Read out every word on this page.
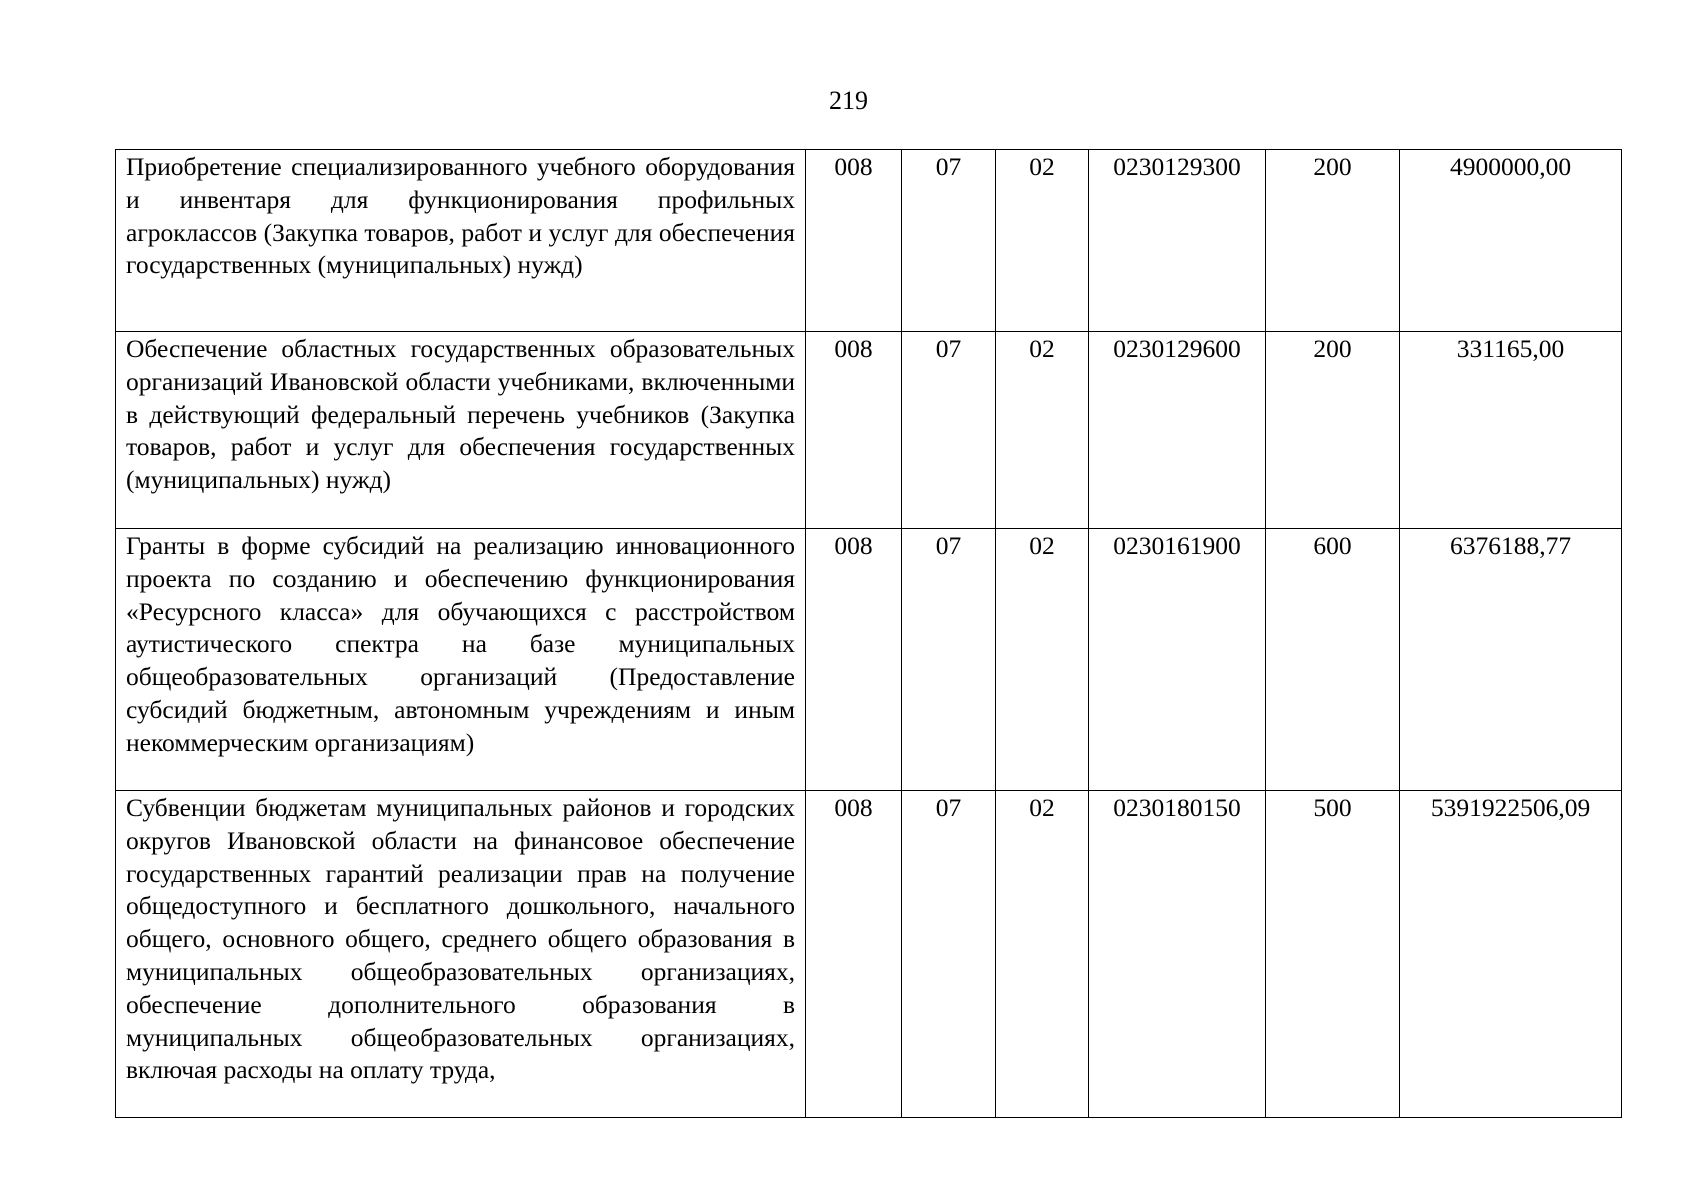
219
Приобретение специализированного учебного оборудования и инвентаря для функционирования профильных агроклассов (Закупка товаров, работ и услуг для обеспечения государственных (муниципальных) нужд)	008	07	02	0230129300	200	4900000,00
Обеспечение областных государственных образовательных организаций Ивановской области учебниками, включенными в действующий федеральный перечень учебников (Закупка товаров, работ и услуг для обеспечения государственных (муниципальных) нужд)	008	07	02	0230129600	200	331165,00
Гранты в форме субсидий на реализацию инновационного проекта по созданию и обеспечению функционирования «Ресурсного класса» для обучающихся с расстройством аутистического спектра на базе муниципальных общеобразовательных организаций (Предоставление субсидий бюджетным, автономным учреждениям и иным некоммерческим организациям)	008	07	02	0230161900	600	6376188,77
Субвенции бюджетам муниципальных районов и городских округов Ивановской области на финансовое обеспечение государственных гарантий реализации прав на получение общедоступного и бесплатного дошкольного, начального общего, основного общего, среднего общего образования в муниципальных общеобразовательных организациях, обеспечение дополнительного образования в муниципальных общеобразовательных организациях, включая расходы на оплату труда,	008	07	02	0230180150	500	5391922506,09
